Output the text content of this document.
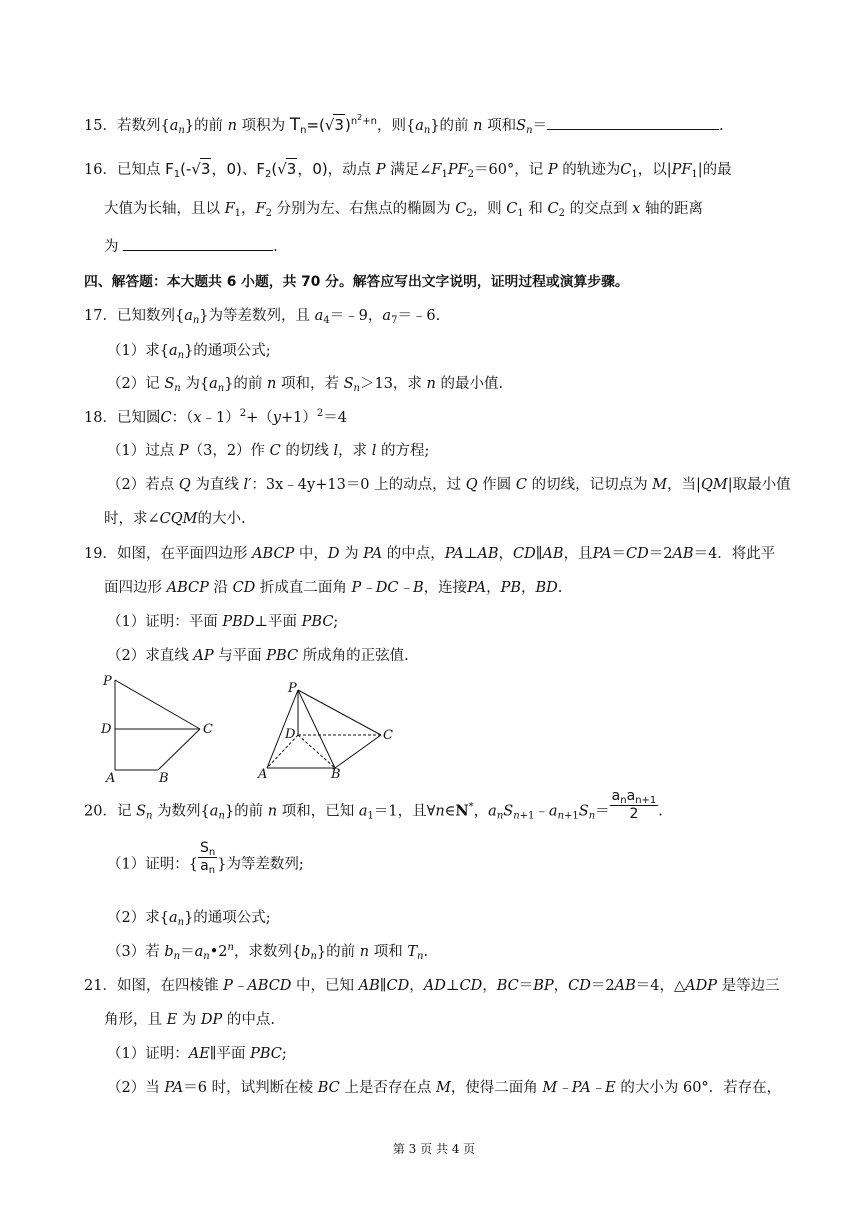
15．若数列$\{a_n\}$的前 n 项积为 $T_n=(√3)^{n^2+n}$，则$\{a_n\}$的前 n 项和$S_n=$	.
16．已知点 $F_1(-√3$，0)、$F_2(√3$，0)，动点 P 满足$\angle F_1PF_2=60^\circ$，记 P 的轨迹为$C_1$，以$|PF_1|$的最
大值为长轴，且以 $F_1$，$F_2$ 分别为左、右焦点的椭圆为 $C_2$，则 $C_1$ 和 $C_2$ 的交点到 x 轴的距离
为	.
四、解答题：本大题共 6 小题，共 70 分。解答应写出文字说明，证明过程或演算步骤。
17．已知数列$\{a_n\}$为等差数列，且 $a_4=﹣9$，$a_7=﹣6$.
（1）求$\{a_n\}$的通项公式;
（2）记 $S_n$ 为$\{a_n\}$的前 n 项和，若 $S_n>13$，求 n 的最小值.
18．已知圆C：$(x﹣1)^2+(y+1)^2=4$
（1）过点 P（3，2）作 C 的切线 l，求 l 的方程;
（2）若点 Q 为直线 l′：3x﹣4y+13＝0 上的动点，过 Q 作圆 C 的切线，记切点为 M，当|QM|取最小值
时，求∠CQM的大小.
19．如图，在平面四边形 ABCP 中，D 为 PA 的中点，PA⊥AB，CD∥AB，且PA＝CD＝2AB＝4．将此平
面四边形 ABCP 沿 CD 折成直二面角 P﹣DC﹣B，连接PA，PB，BD.
（1）证明：平面 PBD⊥平面 PBC;
（2）求直线 AP 与平面 PBC 所成角的正弦值.
P
D	C
A	B
P
D	C
A	B
20．记 $S_n$ 为数列$\{a_n\}$的前 n 项和，已知 $a_1=1$，且∀n∈N*，$a_nS_{n+1}﹣a_{n+1}S_n= \frac{a_na_{n+1}}{2}$ .
（1）证明：{ $\frac{S_n}{a_n}$ }为等差数列;
（2）求$\{a_n\}$的通项公式;
（3）若 $b_n=a_n•2^n$，求数列$\{b_n\}$的前 n 项和 $T_n$.
21．如图，在四棱锥 P﹣ABCD 中，已知 AB∥CD，AD⊥CD，BC＝BP，CD＝2AB＝4，△ADP 是等边三
角形，且 E 为 DP 的中点.
（1）证明：AE∥平面 PBC;
（2）当 PA＝6 时，试判断在棱 BC 上是否存在点 M，使得二面角 M﹣PA﹣E 的大小为 60°．若存在，
第 3 页 共 4 页
